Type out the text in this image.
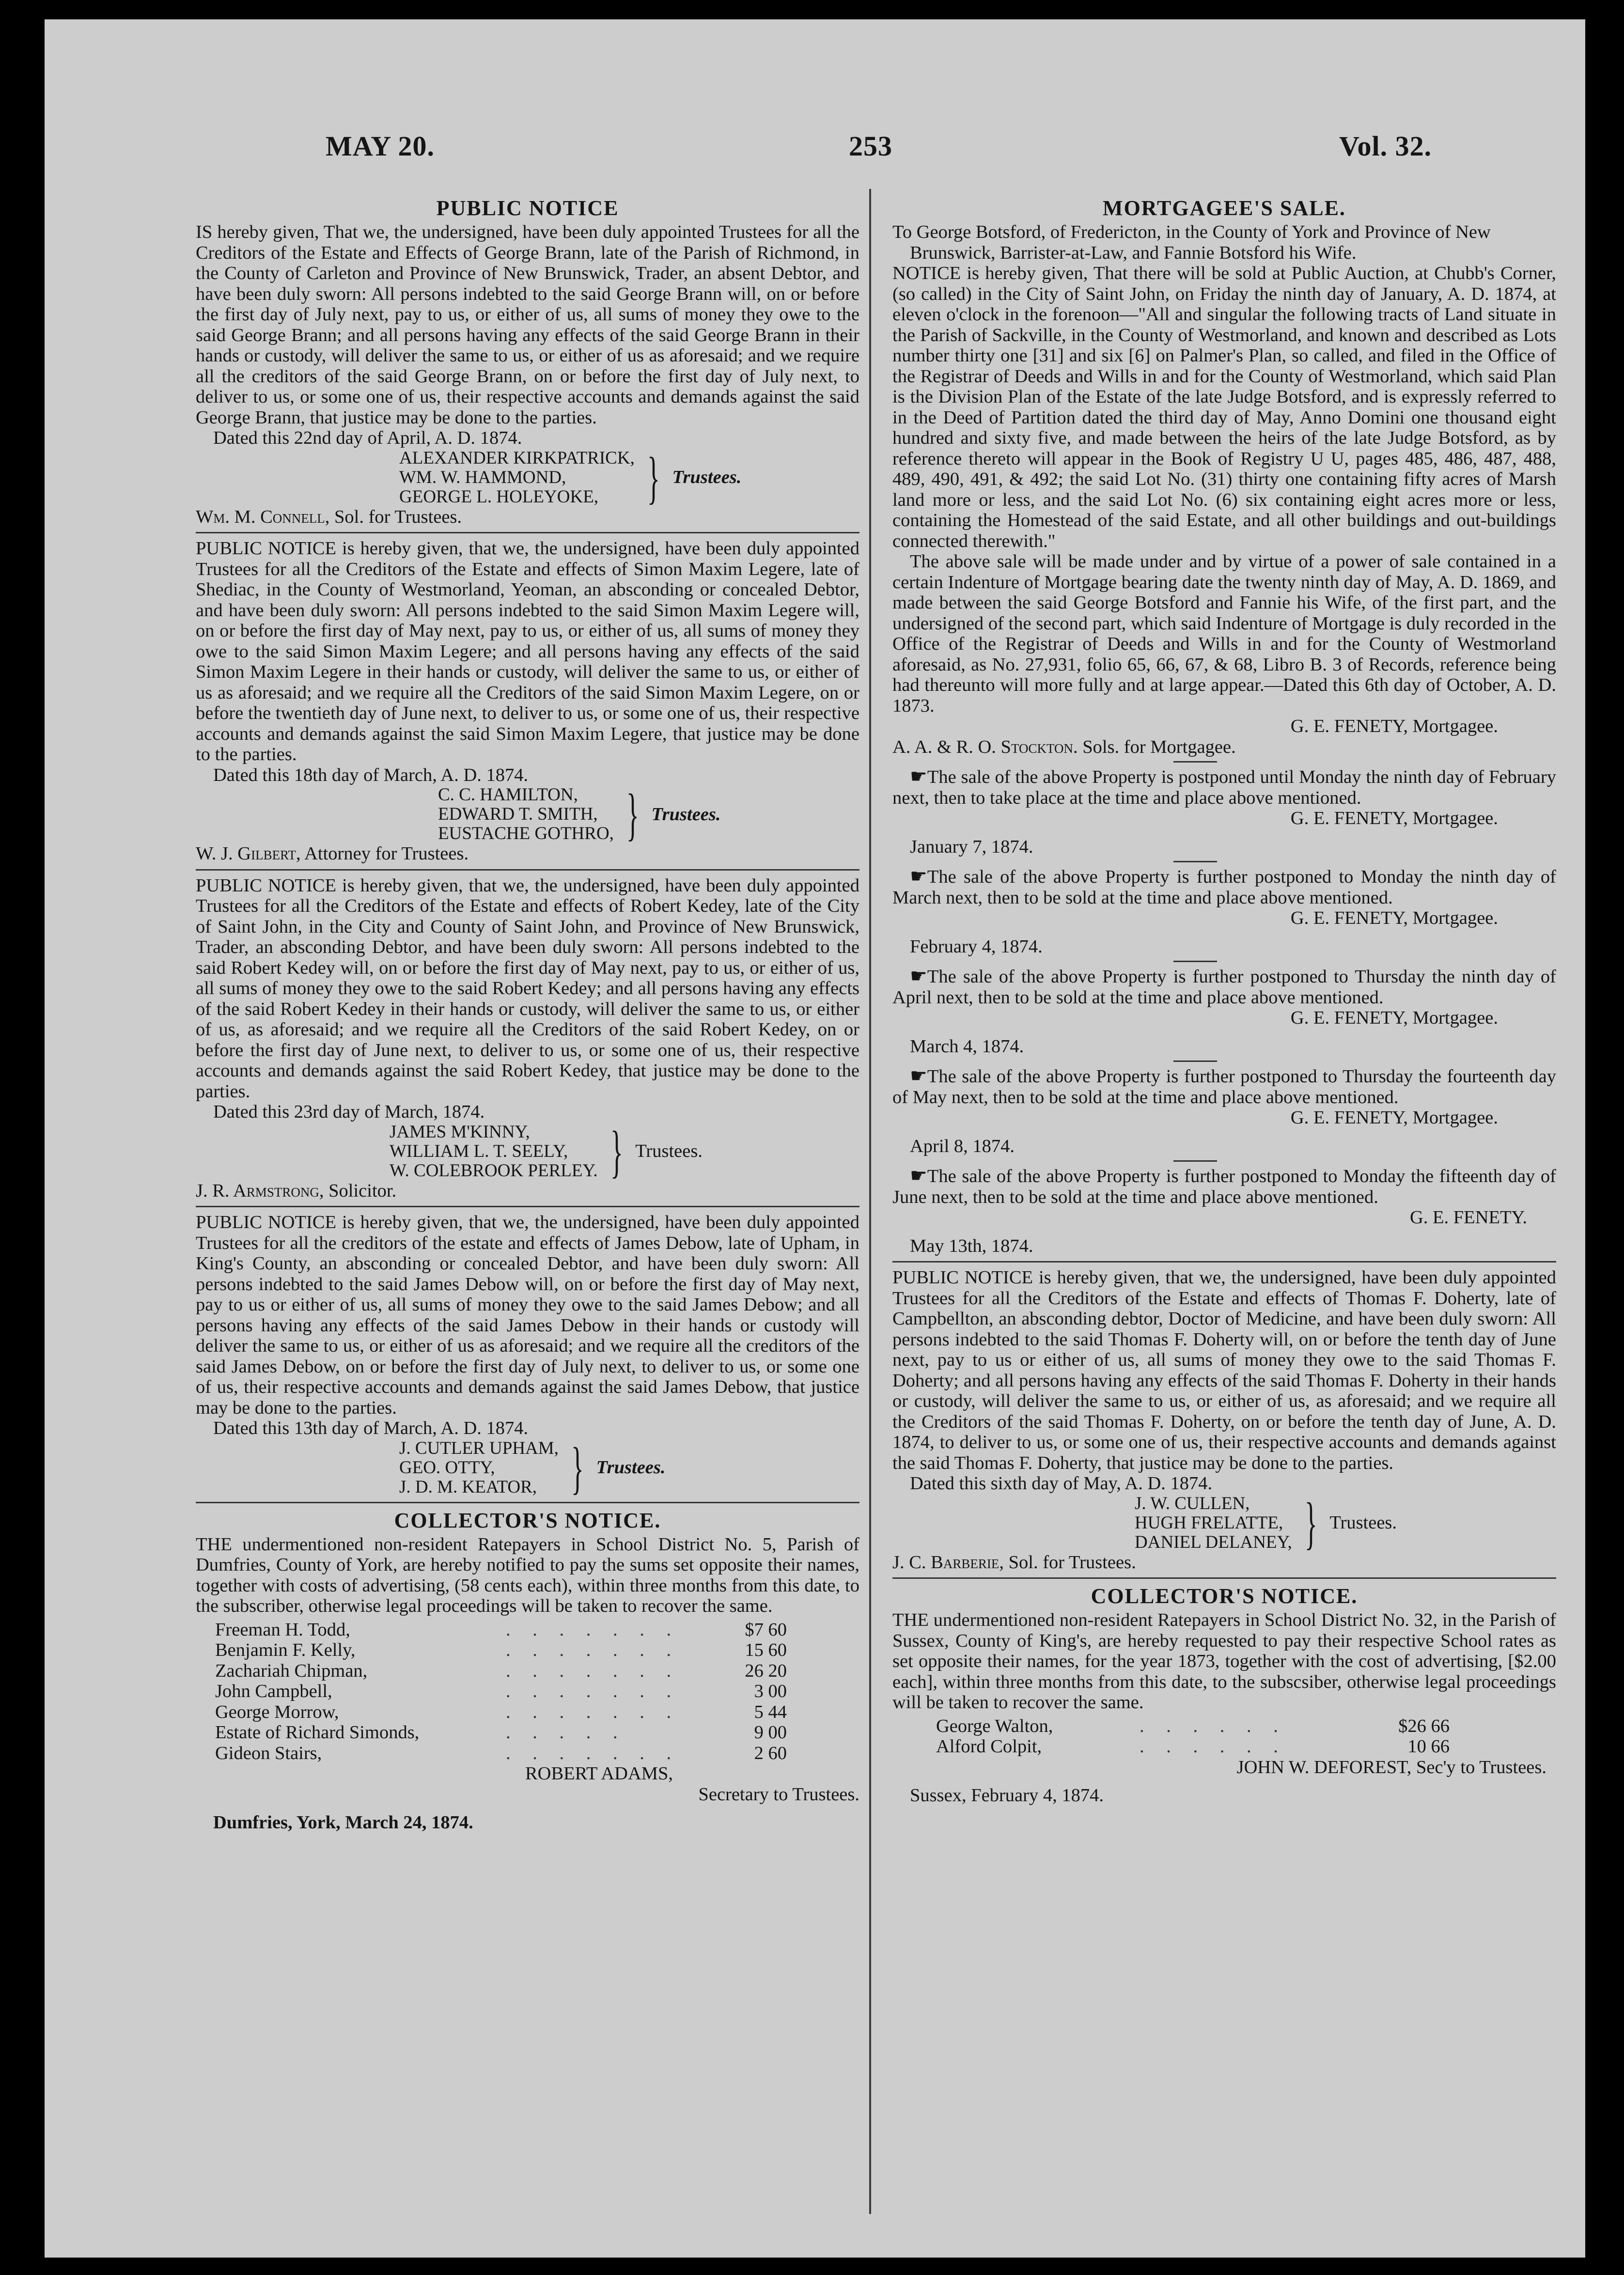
MAY 20.	253	Vol. 32.
PUBLIC NOTICE

IS hereby given, That we, the undersigned, have been duly appointed Trustees for all the Creditors of the Estate and Effects of George Brann, late of the Parish of Richmond, in the County of Carleton and Province of New Brunswick, Trader, an absent Debtor, and have been duly sworn: All persons indebted to the said George Brann will, on or before the first day of July next, pay to us, or either of us, all sums of money they owe to the said George Brann; and all persons having any effects of the said George Brann in their hands or custody, will deliver the same to us, or either of us as aforesaid; and we require all the creditors of the said George Brann, on or before the first day of July next, to deliver to us, or some one of us, their respective accounts and demands against the said George Brann, that justice may be done to the parties.

Dated this 22nd day of April, A. D. 1874.

ALEXANDER KIRKPATRICK,
WM. W. HAMMOND,
GEORGE L. HOLEYOKE, } Trustees.

Wm. M. Connell, Sol. for Trustees.

PUBLIC NOTICE is hereby given, that we, the undersigned, have been duly appointed Trustees for all the Creditors of the Estate and effects of Simon Maxim Legere, late of Shediac, in the County of Westmorland, Yeoman, an absconding or concealed Debtor, and have been duly sworn: All persons indebted to the said Simon Maxim Legere will, on or before the first day of May next, pay to us, or either of us, all sums of money they owe to the said Simon Maxim Legere; and all persons having any effects of the said Simon Maxim Legere in their hands or custody, will deliver the same to us, or either of us as aforesaid; and we require all the Creditors of the said Simon Maxim Legere, on or before the twentieth day of June next, to deliver to us, or some one of us, their respective accounts and demands against the said Simon Maxim Legere, that justice may be done to the parties.

Dated this 18th day of March, A. D. 1874.

C. C. HAMILTON,
EDWARD T. SMITH,
EUSTACHE GOTHRO, } Trustees.

W. J. Gilbert, Attorney for Trustees.

PUBLIC NOTICE is hereby given, that we, the undersigned, have been duly appointed Trustees for all the Creditors of the Estate and effects of Robert Kedey, late of the City of Saint John, in the City and County of Saint John, and Province of New Brunswick, Trader, an absconding Debtor, and have been duly sworn: All persons indebted to the said Robert Kedey will, on or before the first day of May next, pay to us, or either of us, all sums of money they owe to the said Robert Kedey; and all persons having any effects of the said Robert Kedey in their hands or custody, will deliver the same to us, or either of us, as aforesaid; and we require all the Creditors of the said Robert Kedey, on or before the first day of June next, to deliver to us, or some one of us, their respective accounts and demands against the said Robert Kedey, that justice may be done to the parties.

Dated this 23rd day of March, 1874.

JAMES M'KINNY,
WILLIAM L. T. SEELY,
W. COLEBROOK PERLEY. } Trustees.

J. R. Armstrong, Solicitor.

PUBLIC NOTICE is hereby given, that we, the undersigned, have been duly appointed Trustees for all the creditors of the estate and effects of James Debow, late of Upham, in King's County, an absconding or concealed Debtor, and have been duly sworn: All persons indebted to the said James Debow will, on or before the first day of May next, pay to us or either of us, all sums of money they owe to the said James Debow; and all persons having any effects of the said James Debow in their hands or custody will deliver the same to us, or either of us as aforesaid; and we require all the creditors of the said James Debow, on or before the first day of July next, to deliver to us, or some one of us, their respective accounts and demands against the said James Debow, that justice may be done to the parties.

Dated this 13th day of March, A. D. 1874.

J. CUTLER UPHAM,
GEO. OTTY,
J. D. M. KEATOR, } Trustees.
COLLECTOR'S NOTICE.

THE undermentioned non-resident Ratepayers in School District No. 5, Parish of Dumfries, County of York, are hereby notified to pay the sums set opposite their names, together with costs of advertising, (58 cents each), within three months from this date, to the subscriber, otherwise legal proceedings will be taken to recover the same.

Freeman H. Todd,	. . . . . . .	$7 60
Benjamin F. Kelly,	. . . . . . .	15 60
Zachariah Chipman,	. . . . . . .	26 20
John Campbell,	. . . . . . .	3 00
George Morrow,	. . . . . . .	5 44
Estate of Richard Simonds,	. . . . .	9 00
Gideon Stairs,	. . . . . . .	2 60

ROBERT ADAMS,

Secretary to Trustees.

Dumfries, York, March 24, 1874.

MORTGAGEE'S SALE.

To George Botsford, of Fredericton, in the County of York and Province of New Brunswick, Barrister-at-Law, and Fannie Botsford his Wife.

NOTICE is hereby given, That there will be sold at Public Auction, at Chubb's Corner, (so called) in the City of Saint John, on Friday the ninth day of January, A. D. 1874, at eleven o'clock in the forenoon—"All and singular the following tracts of Land situate in the Parish of Sackville, in the County of Westmorland, and known and described as Lots number thirty one [31] and six [6] on Palmer's Plan, so called, and filed in the Office of the Registrar of Deeds and Wills in and for the County of Westmorland, which said Plan is the Division Plan of the Estate of the late Judge Botsford, and is expressly referred to in the Deed of Partition dated the third day of May, Anno Domini one thousand eight hundred and sixty five, and made between the heirs of the late Judge Botsford, as by reference thereto will appear in the Book of Registry U U, pages 485, 486, 487, 488, 489, 490, 491, & 492; the said Lot No. (31) thirty one containing fifty acres of Marsh land more or less, and the said Lot No. (6) six containing eight acres more or less, containing the Homestead of the said Estate, and all other buildings and out-buildings connected therewith."

The above sale will be made under and by virtue of a power of sale contained in a certain Indenture of Mortgage bearing date the twenty ninth day of May, A. D. 1869, and made between the said George Botsford and Fannie his Wife, of the first part, and the undersigned of the second part, which said Indenture of Mortgage is duly recorded in the Office of the Registrar of Deeds and Wills in and for the County of Westmorland aforesaid, as No. 27,931, folio 65, 66, 67, & 68, Libro B. 3 of Records, reference being had thereunto will more fully and at large appear.—Dated this 6th day of October, A. D. 1873.

G. E. FENETY, Mortgagee.

A. A. & R. O. Stockton. Sols. for Mortgagee.

☛The sale of the above Property is postponed until Monday the ninth day of February next, then to take place at the time and place above mentioned.

G. E. FENETY, Mortgagee.

January 7, 1874.

☛The sale of the above Property is further postponed to Monday the ninth day of March next, then to be sold at the time and place above mentioned.

G. E. FENETY, Mortgagee.

February 4, 1874.

☛The sale of the above Property is further postponed to Thursday the ninth day of April next, then to be sold at the time and place above mentioned.

G. E. FENETY, Mortgagee.

March 4, 1874.

☛The sale of the above Property is further postponed to Thursday the fourteenth day of May next, then to be sold at the time and place above mentioned.

G. E. FENETY, Mortgagee.

April 8, 1874.

☛The sale of the above Property is further postponed to Monday the fifteenth day of June next, then to be sold at the time and place above mentioned.

G. E. FENETY.

May 13th, 1874.

PUBLIC NOTICE is hereby given, that we, the undersigned, have been duly appointed Trustees for all the Creditors of the Estate and effects of Thomas F. Doherty, late of Campbellton, an absconding debtor, Doctor of Medicine, and have been duly sworn: All persons indebted to the said Thomas F. Doherty will, on or before the tenth day of June next, pay to us or either of us, all sums of money they owe to the said Thomas F. Doherty; and all persons having any effects of the said Thomas F. Doherty in their hands or custody, will deliver the same to us, or either of us, as aforesaid; and we require all the Creditors of the said Thomas F. Doherty, on or before the tenth day of June, A. D. 1874, to deliver to us, or some one of us, their respective accounts and demands against the said Thomas F. Doherty, that justice may be done to the parties.

Dated this sixth day of May, A. D. 1874.

J. W. CULLEN,
HUGH FRELATTE,
DANIEL DELANEY, } Trustees.

J. C. Barberie, Sol. for Trustees.

COLLECTOR'S NOTICE.

THE undermentioned non-resident Ratepayers in School District No. 32, in the Parish of Sussex, County of King's, are hereby requested to pay their respective School rates as set opposite their names, for the year 1873, together with the cost of advertising, [$2.00 each], within three months from this date, to the subscsiber, otherwise legal proceedings will be taken to recover the same.

George Walton,	. . . . . .	$26 66
Alford Colpit,	. . . . . .	10 66

JOHN W. DEFOREST, Sec'y to Trustees.

Sussex, February 4, 1874.
